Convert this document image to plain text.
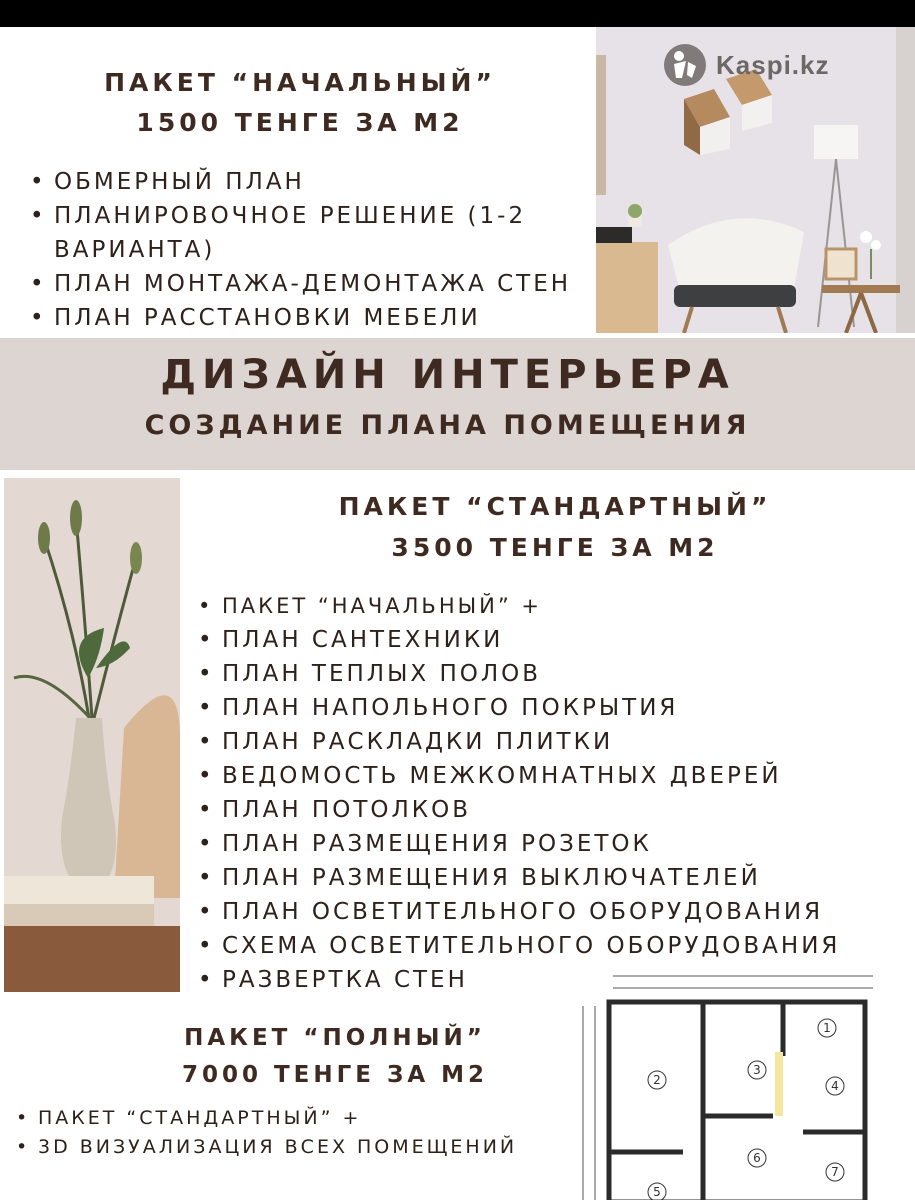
ПАКЕТ “НАЧАЛЬНЫЙ”
1500 ТЕНГЕ ЗА М2
• ОБМЕРНЫЙ ПЛАН
• ПЛАНИРОВОЧНОЕ РЕШЕНИЕ (1-2 ВАРИАНТА)
• ПЛАН МОНТАЖА-ДЕМОНТАЖА СТЕН
• ПЛАН РАССТАНОВКИ МЕБЕЛИ
Kaspi.kz
ДИЗАЙН ИНТЕРЬЕРА
СОЗДАНИЕ ПЛАНА ПОМЕЩЕНИЯ
ПАКЕТ “СТАНДАРТНЫЙ”
3500 ТЕНГЕ ЗА М2
• ПАКЕТ “НАЧАЛЬНЫЙ” +
• ПЛАН САНТЕХНИКИ
• ПЛАН ТЕПЛЫХ ПОЛОВ
• ПЛАН НАПОЛЬНОГО ПОКРЫТИЯ
• ПЛАН РАСКЛАДКИ ПЛИТКИ
• ВЕДОМОСТЬ МЕЖКОМНАТНЫХ ДВЕРЕЙ
• ПЛАН ПОТОЛКОВ
• ПЛАН РАЗМЕЩЕНИЯ РОЗЕТОК
• ПЛАН РАЗМЕЩЕНИЯ ВЫКЛЮЧАТЕЛЕЙ
• ПЛАН ОСВЕТИТЕЛЬНОГО ОБОРУДОВАНИЯ
• СХЕМА ОСВЕТИТЕЛЬНОГО ОБОРУДОВАНИЯ
• РАЗВЕРТКА СТЕН
ПАКЕТ “ПОЛНЫЙ”
7000 ТЕНГЕ ЗА М2
• ПАКЕТ “СТАНДАРТНЫЙ” +
• 3D ВИЗУАЛИЗАЦИЯ ВСЕХ ПОМЕЩЕНИЙ
1
2
3
4
5
6
7
